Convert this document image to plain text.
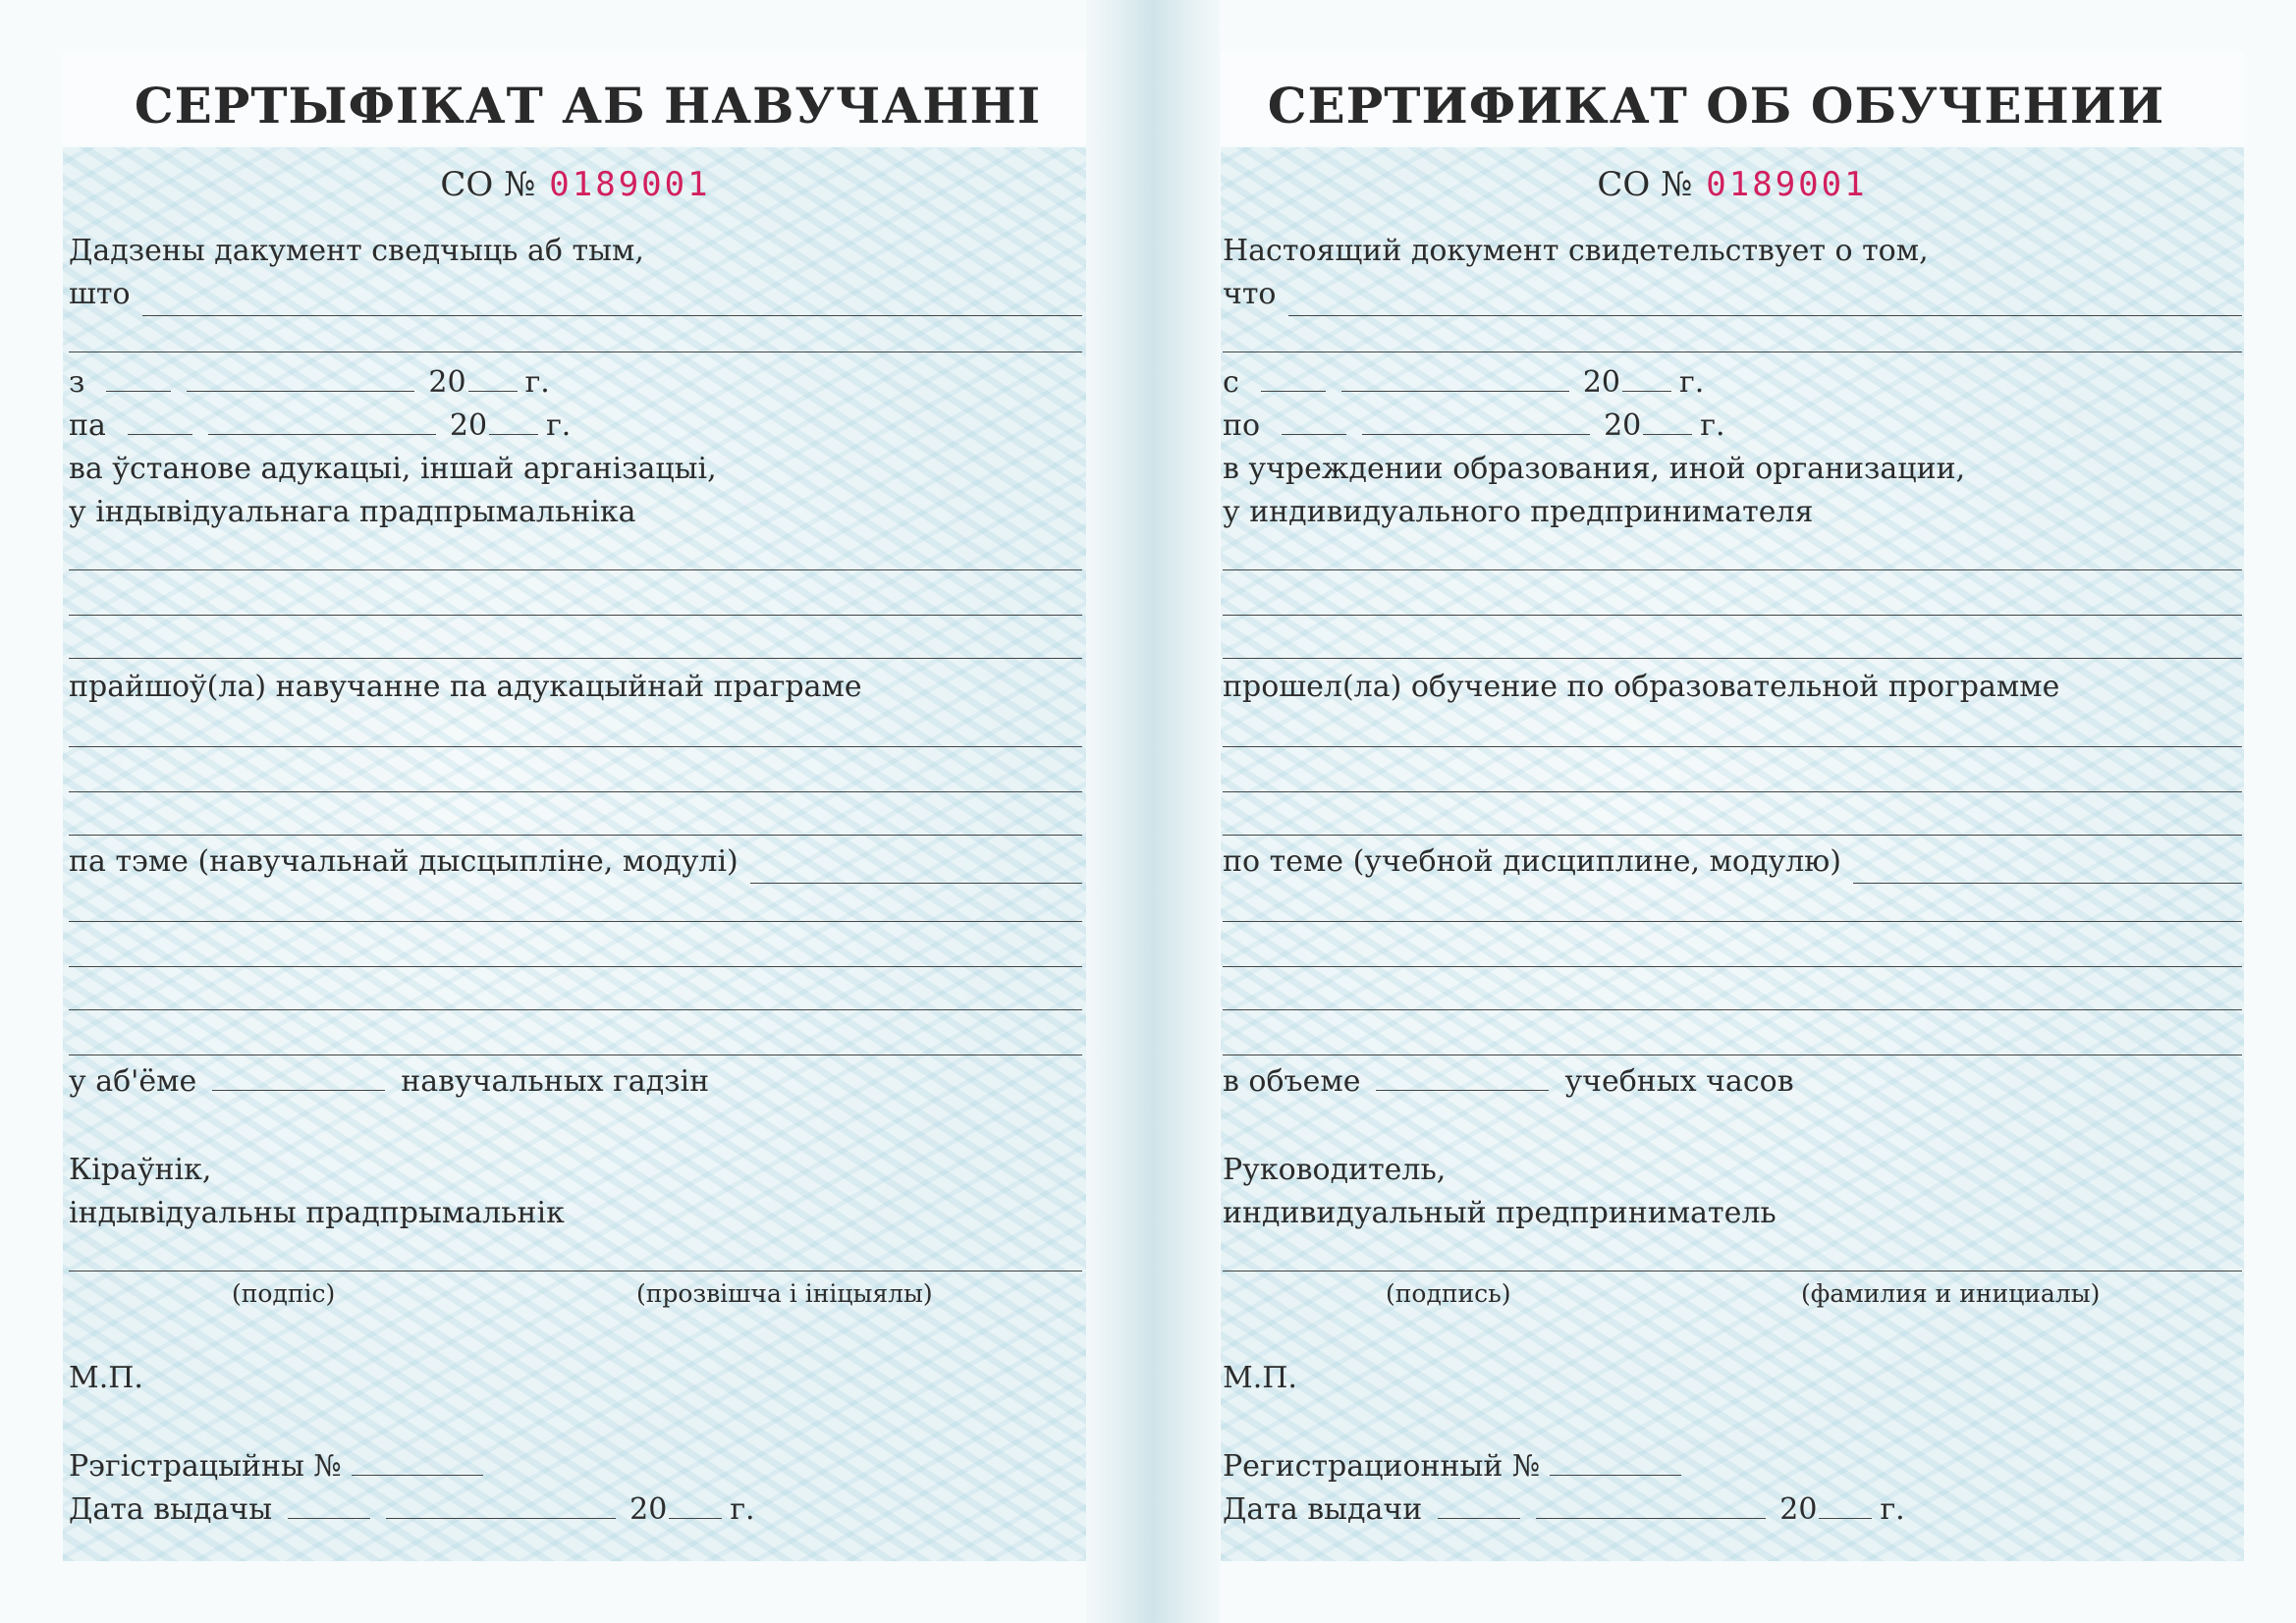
СЕРТЫФІКАТ АБ НАВУЧАННІ
СО № 0189001
Дадзены дакумент сведчыць аб тым,
што
з	20 г.
па	20 г.
ва ўстанове адукацыі, іншай арганізацыі,
у індывідуальнага прадпрымальніка
прайшоў(ла) навучанне па адукацыйнай праграме
па тэме (навучальнай дысцыпліне, модулі)
у аб'ёме	навучальных гадзін
Кіраўнік,
індывідуальны прадпрымальнік
(подпіс)	(прозвішча і ініцыялы)
М.П.
Рэгістрацыйны №
Дата выдачы	20 г.
СЕРТИФИКАТ ОБ ОБУЧЕНИИ
СО № 0189001
Настоящий документ свидетельствует о том,
что
с	20 г.
по	20 г.
в учреждении образования, иной организации,
у индивидуального предпринимателя
прошел(ла) обучение по образовательной программе
по теме (учебной дисциплине, модулю)
в объеме	учебных часов
Руководитель,
индивидуальный предприниматель
(подпись)	(фамилия и инициалы)
М.П.
Регистрационный №
Дата выдачи	20 г.
